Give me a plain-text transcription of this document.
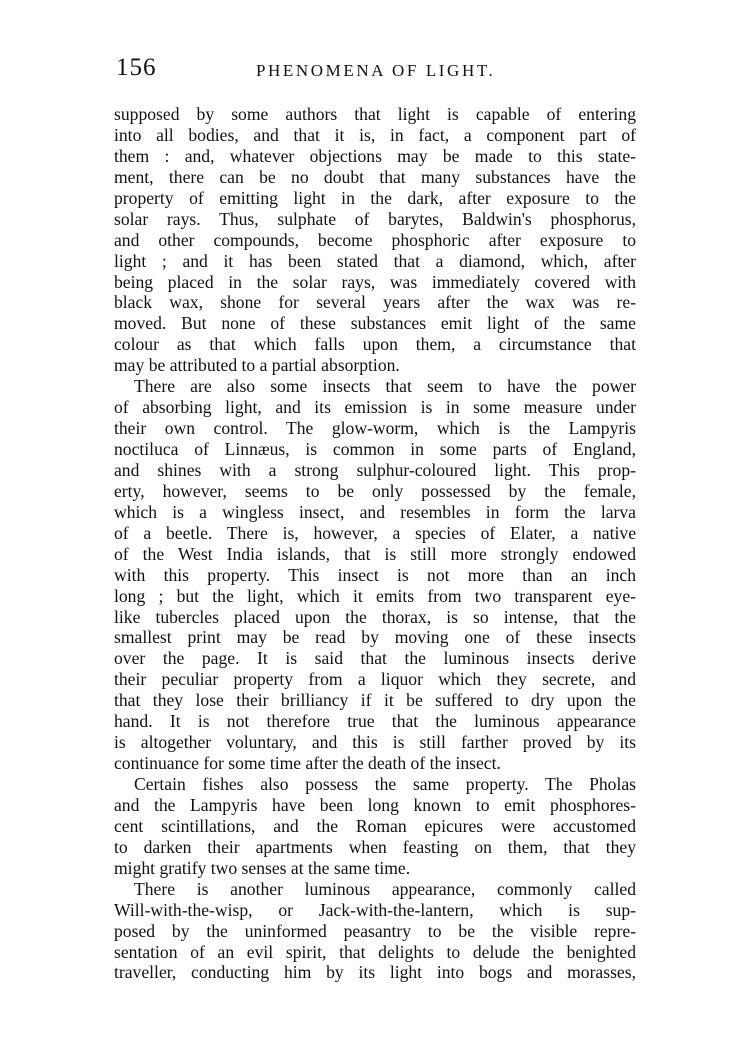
156	PHENOMENA OF LIGHT.
supposed by some authors that light is capable of entering
into all bodies, and that it is, in fact, a component part of
them : and, whatever objections may be made to this state-
ment, there can be no doubt that many substances have the
property of emitting light in the dark, after exposure to the
solar rays. Thus, sulphate of barytes, Baldwin's phosphorus,
and other compounds, become phosphoric after exposure to
light ; and it has been stated that a diamond, which, after
being placed in the solar rays, was immediately covered with
black wax, shone for several years after the wax was re-
moved. But none of these substances emit light of the same
colour as that which falls upon them, a circumstance that
may be attributed to a partial absorption.
There are also some insects that seem to have the power
of absorbing light, and its emission is in some measure under
their own control. The glow-worm, which is the Lampyris
noctiluca of Linnæus, is common in some parts of England,
and shines with a strong sulphur-coloured light. This prop-
erty, however, seems to be only possessed by the female,
which is a wingless insect, and resembles in form the larva
of a beetle. There is, however, a species of Elater, a native
of the West India islands, that is still more strongly endowed
with this property. This insect is not more than an inch
long ; but the light, which it emits from two transparent eye-
like tubercles placed upon the thorax, is so intense, that the
smallest print may be read by moving one of these insects
over the page. It is said that the luminous insects derive
their peculiar property from a liquor which they secrete, and
that they lose their brilliancy if it be suffered to dry upon the
hand. It is not therefore true that the luminous appearance
is altogether voluntary, and this is still farther proved by its
continuance for some time after the death of the insect.
Certain fishes also possess the same property. The Pholas
and the Lampyris have been long known to emit phosphores-
cent scintillations, and the Roman epicures were accustomed
to darken their apartments when feasting on them, that they
might gratify two senses at the same time.
There is another luminous appearance, commonly called
Will-with-the-wisp, or Jack-with-the-lantern, which is sup-
posed by the uninformed peasantry to be the visible repre-
sentation of an evil spirit, that delights to delude the benighted
traveller, conducting him by its light into bogs and morasses,
